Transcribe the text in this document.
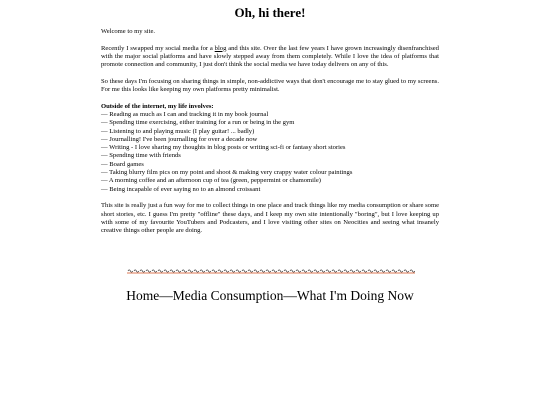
Oh, hi there!

Welcome to my site.

Recently I swapped my social media for a blog and this site. Over the last few years I have grown increasingly disenfranchised with the major social platforms and have slowly stepped away from them completely. While I love the idea of platforms that promote connection and community, I just don't think the social media we have today delivers on any of this.

So these days I'm focusing on sharing things in simple, non-addictive ways that don't encourage me to stay glued to my screens. For me this looks like keeping my own platforms pretty minimalist.

Outside of the internet, my life involves:
— Reading as much as I can and tracking it in my book journal
— Spending time exercising, either training for a run or being in the gym
— Listening to and playing music (I play guitar! ... badly)
— Journalling! I've been journalling for over a decade now
— Writing - I love sharing my thoughts in blog posts or writing sci-fi or fantasy short stories
— Spending time with friends
— Board games
— Taking blurry film pics on my point and shoot & making very crappy water colour paintings
— A morning coffee and an afternoon cup of tea (green, peppermint or chamomile)
— Being incapable of ever saying no to an almond croissant

This site is really just a fun way for me to collect things in one place and track things like my media consumption or share some short stories, etc. I guess I'm pretty "offline" these days, and I keep my own site intentionally "boring", but I love keeping up with some of my favourite YouTubers and Podcasters, and I love visiting other sites on Neocities and seeing what insanely creative things other people are doing.

Home—Media Consumption—What I'm Doing Now
